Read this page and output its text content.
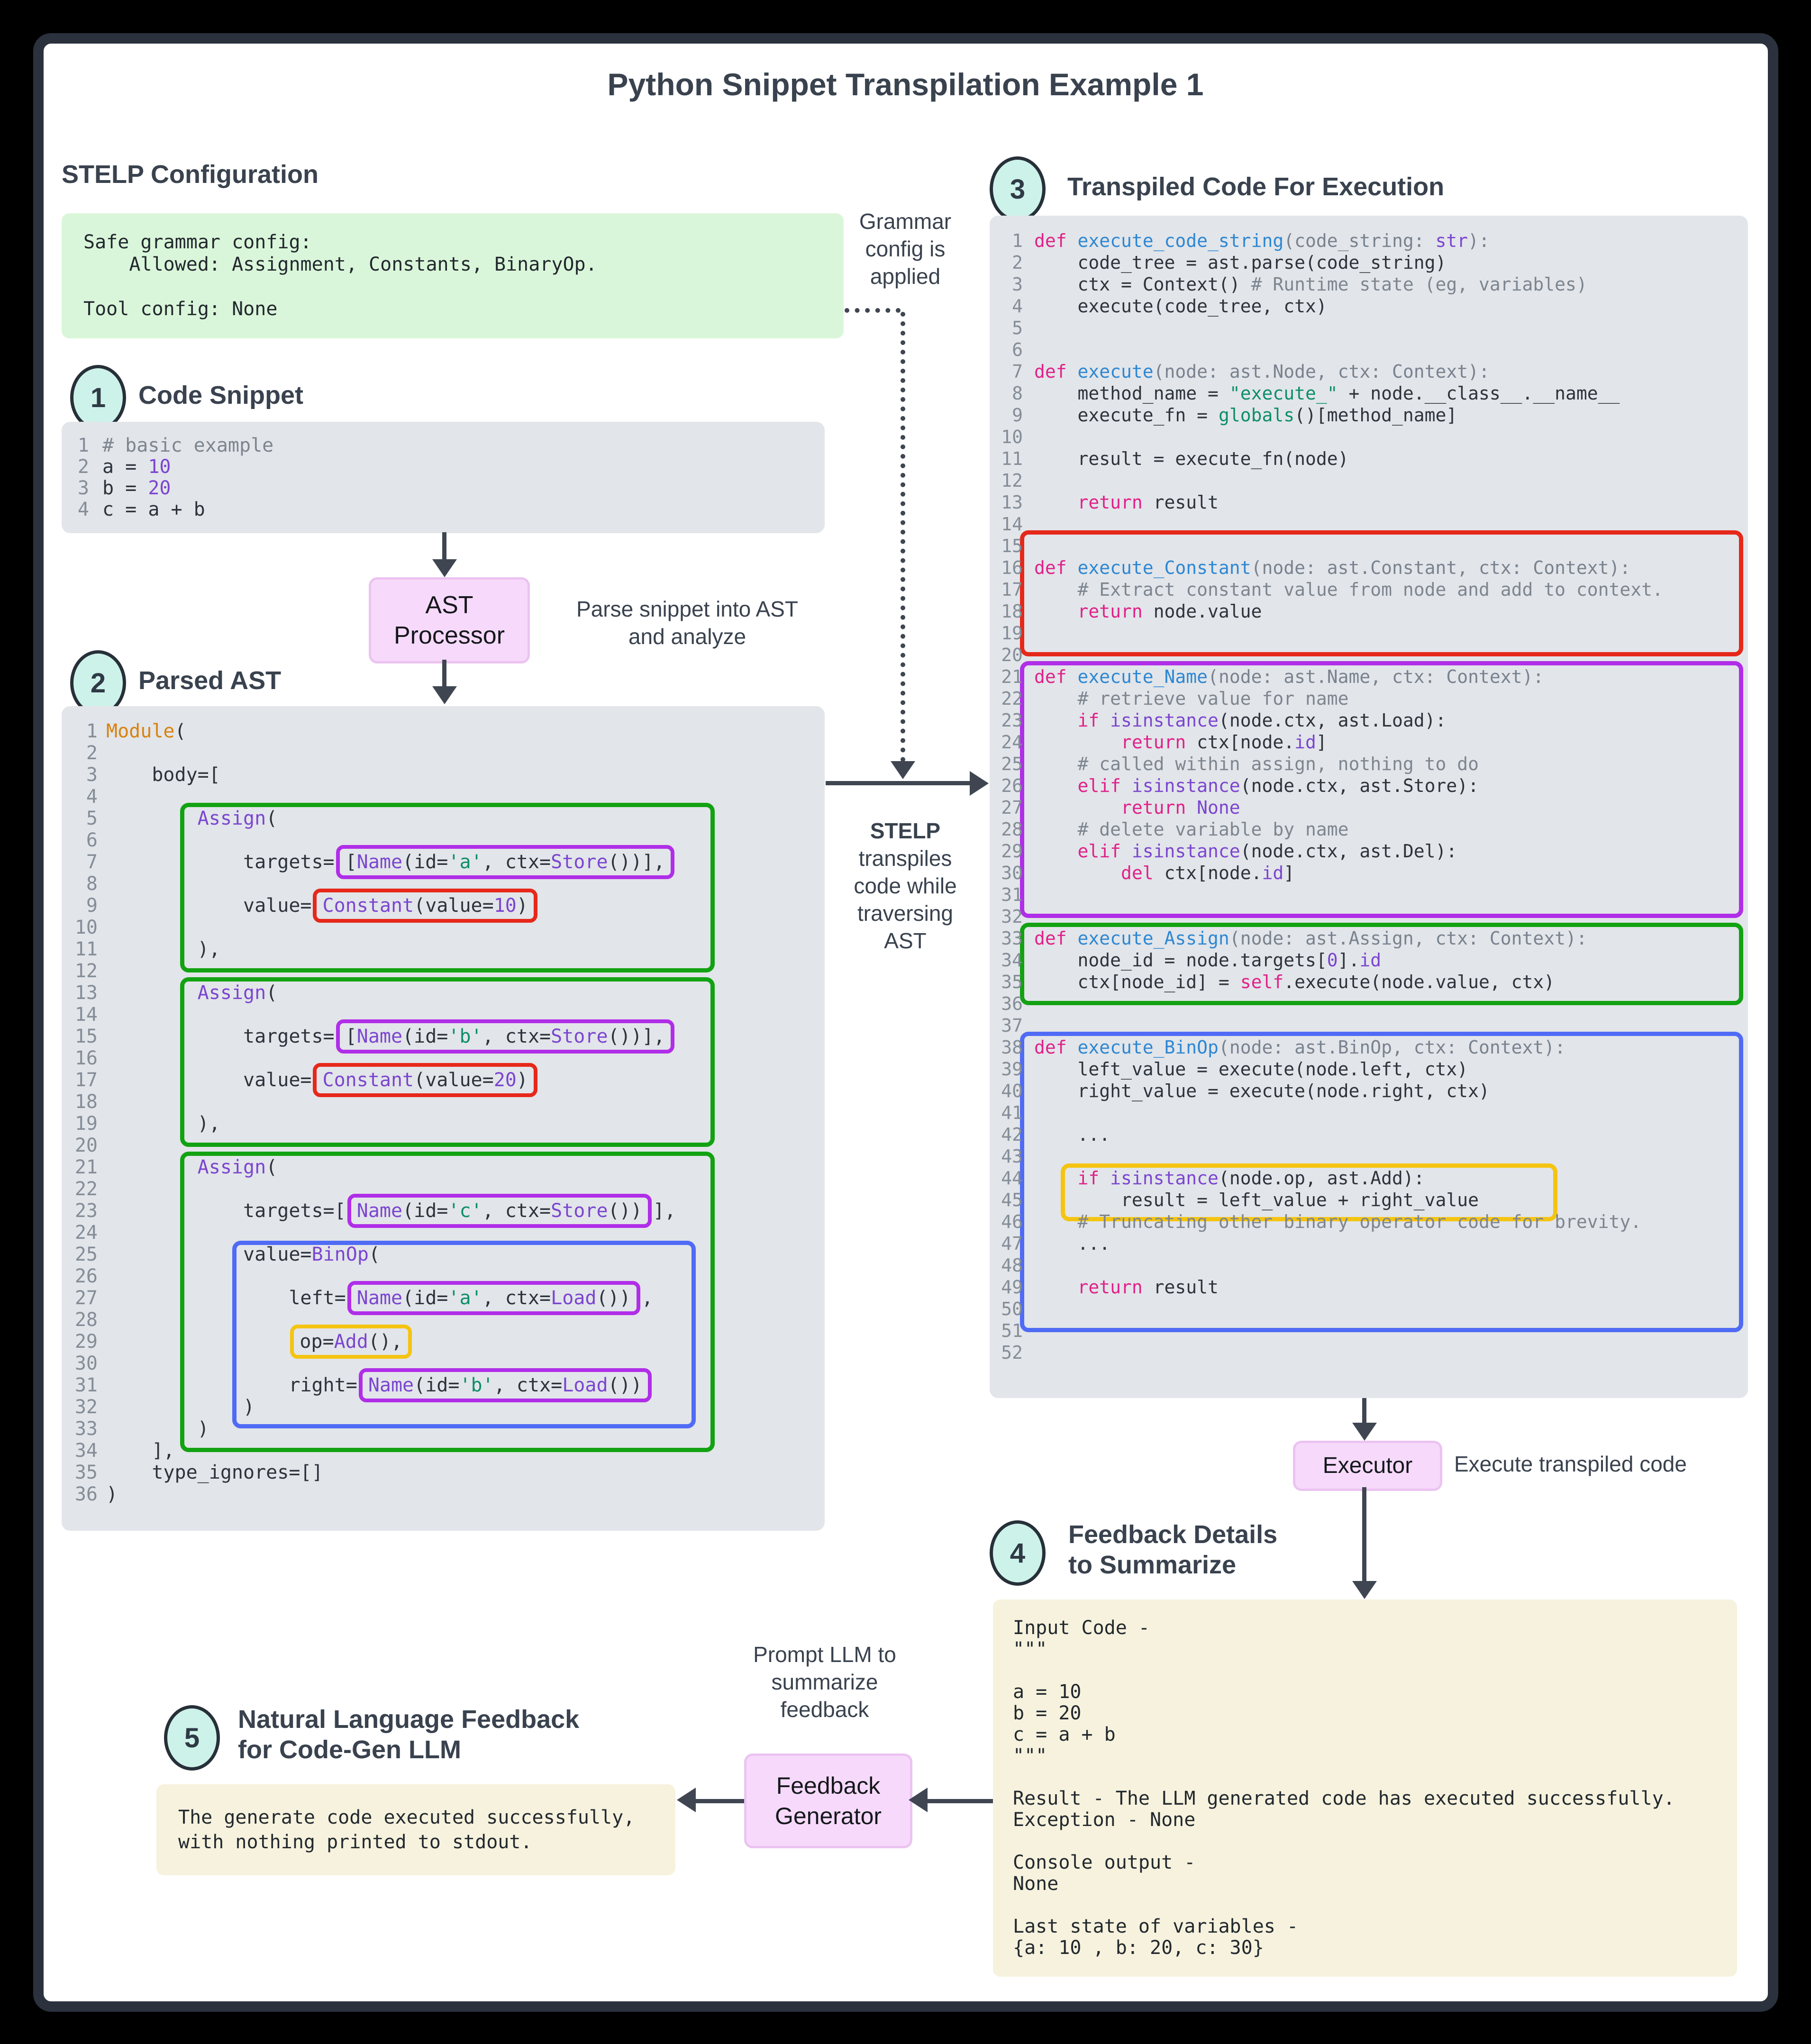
Python Snippet Transpilation Example 1
STELP Configuration
Safe grammar config:
Allowed: Assignment, Constants, BinaryOp.

Tool config: None
Grammar
config is
applied
1	Code Snippet
1 # basic example
2 a = 10
3 b = 20
4 c = a + b
AST
Processor
Parse snippet into AST
and analyze
2	Parsed AST
1 Module(
2
3 body=[
4
5	Assign(
6
7 targets= [Name(id='a', ctx=Store())],
8
9 value= Constant(value=10)
10
11 ),
12
13	Assign(
14
15 targets= [Name(id='b', ctx=Store())],
16
17 value= Constant(value=20)
18
19 ),
20
21	Assign(
22
23 targets=[ Name(id='c', ctx=Store()) ],
24
25 value=BinOp(
26
27 left= Name(id='a', ctx=Load()) ,
28
29	op=Add(),
30
31 right= Name(id='b', ctx=Load())
32 )
33 )
34 ],
35 type_ignores=[]
36 )
STELP
transpiles
code while
traversing
AST
3	Transpiled Code For Execution
1 def execute_code_string(code_string: str):
2 code_tree = ast.parse(code_string)
3 ctx = Context() # Runtime state (eg, variables)
4 execute(code_tree, ctx)
5
6
7 def execute(node: ast.Node, ctx: Context):
8 method_name = "execute_" + node.__class__.__name__
9 execute_fn = globals()[method_name]
10
11 result = execute_fn(node)
12
13 return result
14
15
16 def execute_Constant(node: ast.Constant, ctx: Context):
17 # Extract constant value from node and add to context.
18 return node.value
19
20
21 def execute_Name(node: ast.Name, ctx: Context):
22 # retrieve value for name
23 if isinstance(node.ctx, ast.Load):
24 return ctx[node.id]
25 # called within assign, nothing to do
26 elif isinstance(node.ctx, ast.Store):
27 return None
28 # delete variable by name
29 elif isinstance(node.ctx, ast.Del):
30 del ctx[node.id]
31
32
33 def execute_Assign(node: ast.Assign, ctx: Context):
34 node_id = node.targets[0].id
35 ctx[node_id] = self.execute(node.value, ctx)
36
37
38 def execute_BinOp(node: ast.BinOp, ctx: Context):
39 left_value = execute(node.left, ctx)
40 right_value = execute(node.right, ctx)
41
42 ...
43
44 if isinstance(node.op, ast.Add):
45 result = left_value + right_value
46 # Truncating other binary operator code for brevity.
47 ...
48
49 return result
50
51
52
Executor Execute transpiled code
4
Feedback Details
to Summarize
Input Code -
"""

a = 10
b = 20
c = a + b
"""

Result - The LLM generated code has executed successfully.
Exception - None

Console output -
None

Last state of variables -
{a: 10 , b: 20, c: 30}
5
Natural Language Feedback
for Code-Gen LLM
The generate code executed successfully,
with nothing printed to stdout.
Prompt LLM to
summarize
feedback
Feedback
Generator
